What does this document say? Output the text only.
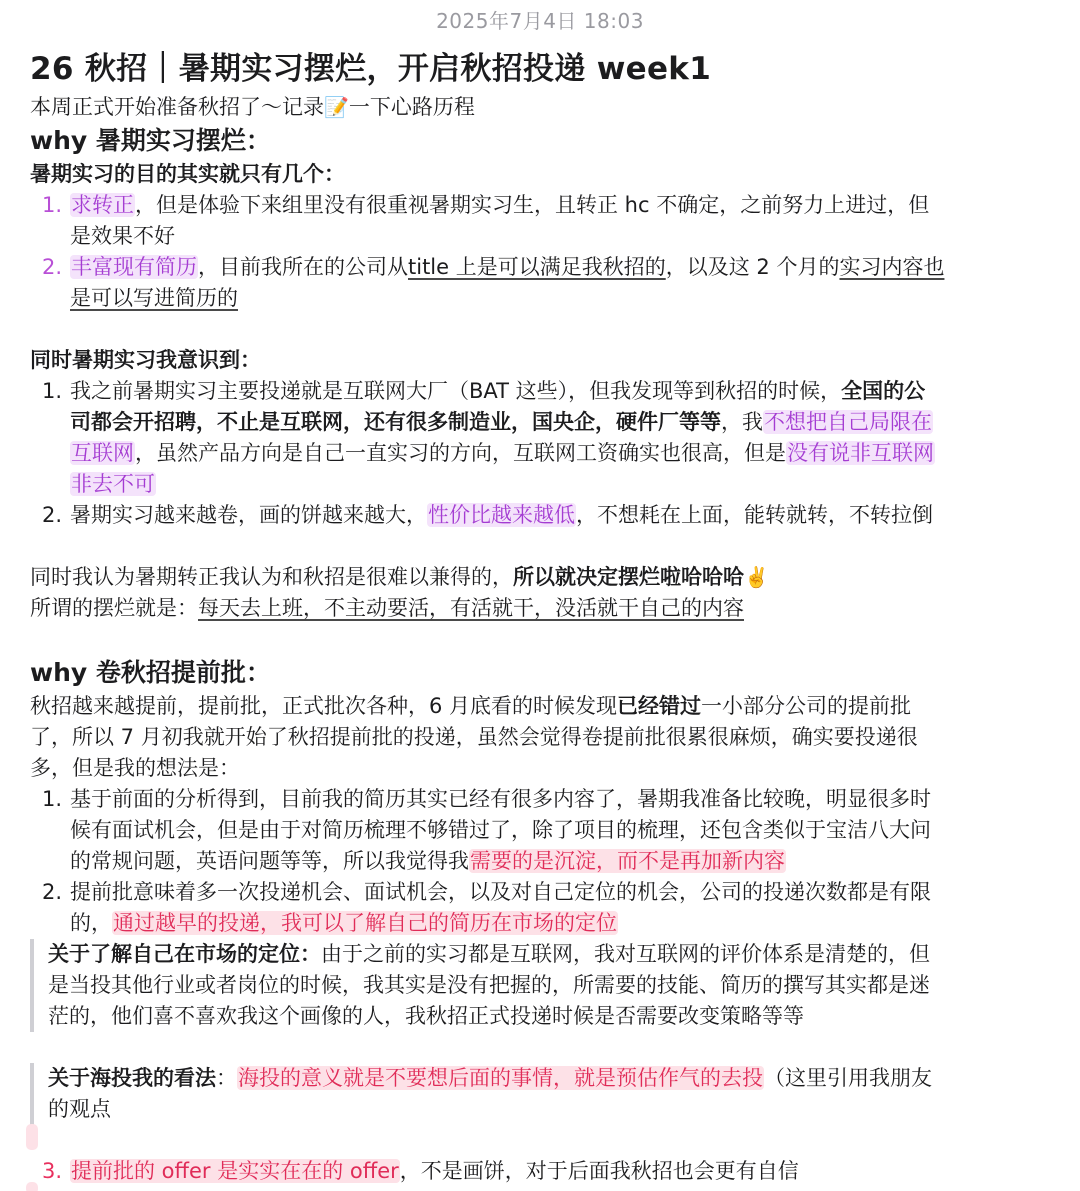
2025年7月4日 18:03
26 秋招｜暑期实习摆烂，开启秋招投递 week1
本周正式开始准备秋招了～记录📝一下心路历程
why 暑期实习摆烂：
暑期实习的目的其实就只有几个：
1. 求转正，但是体验下来组里没有很重视暑期实习生，且转正 hc 不确定，之前努力上进过，但
是效果不好
2. 丰富现有简历，目前我所在的公司从title 上是可以满足我秋招的，以及这 2 个月的实习内容也
是可以写进简历的
同时暑期实习我意识到：
1. 我之前暑期实习主要投递就是互联网大厂（BAT 这些），但我发现等到秋招的时候，全国的公
司都会开招聘，不止是互联网，还有很多制造业，国央企，硬件厂等等，我不想把自己局限在
互联网，虽然产品方向是自己一直实习的方向，互联网工资确实也很高，但是没有说非互联网
非去不可
2. 暑期实习越来越卷，画的饼越来越大，性价比越来越低，不想耗在上面，能转就转，不转拉倒
同时我认为暑期转正我认为和秋招是很难以兼得的，所以就决定摆烂啦哈哈哈✌️
所谓的摆烂就是：每天去上班，不主动要活，有活就干，没活就干自己的内容
why 卷秋招提前批：
秋招越来越提前，提前批，正式批次各种，6 月底看的时候发现已经错过一小部分公司的提前批
了，所以 7 月初我就开始了秋招提前批的投递，虽然会觉得卷提前批很累很麻烦，确实要投递很
多，但是我的想法是：
1. 基于前面的分析得到，目前我的简历其实已经有很多内容了，暑期我准备比较晚，明显很多时
候有面试机会，但是由于对简历梳理不够错过了，除了项目的梳理，还包含类似于宝洁八大问
的常规问题，英语问题等等，所以我觉得我需要的是沉淀，而不是再加新内容
2. 提前批意味着多一次投递机会、面试机会，以及对自己定位的机会，公司的投递次数都是有限
的，通过越早的投递，我可以了解自己的简历在市场的定位
关于了解自己在市场的定位：由于之前的实习都是互联网，我对互联网的评价体系是清楚的，但
是当投其他行业或者岗位的时候，我其实是没有把握的，所需要的技能、简历的撰写其实都是迷
茫的，他们喜不喜欢我这个画像的人，我秋招正式投递时候是否需要改变策略等等
关于海投我的看法：海投的意义就是不要想后面的事情，就是预估作气的去投（这里引用我朋友
的观点
3. 提前批的 offer 是实实在在的 offer，不是画饼，对于后面我秋招也会更有自信
